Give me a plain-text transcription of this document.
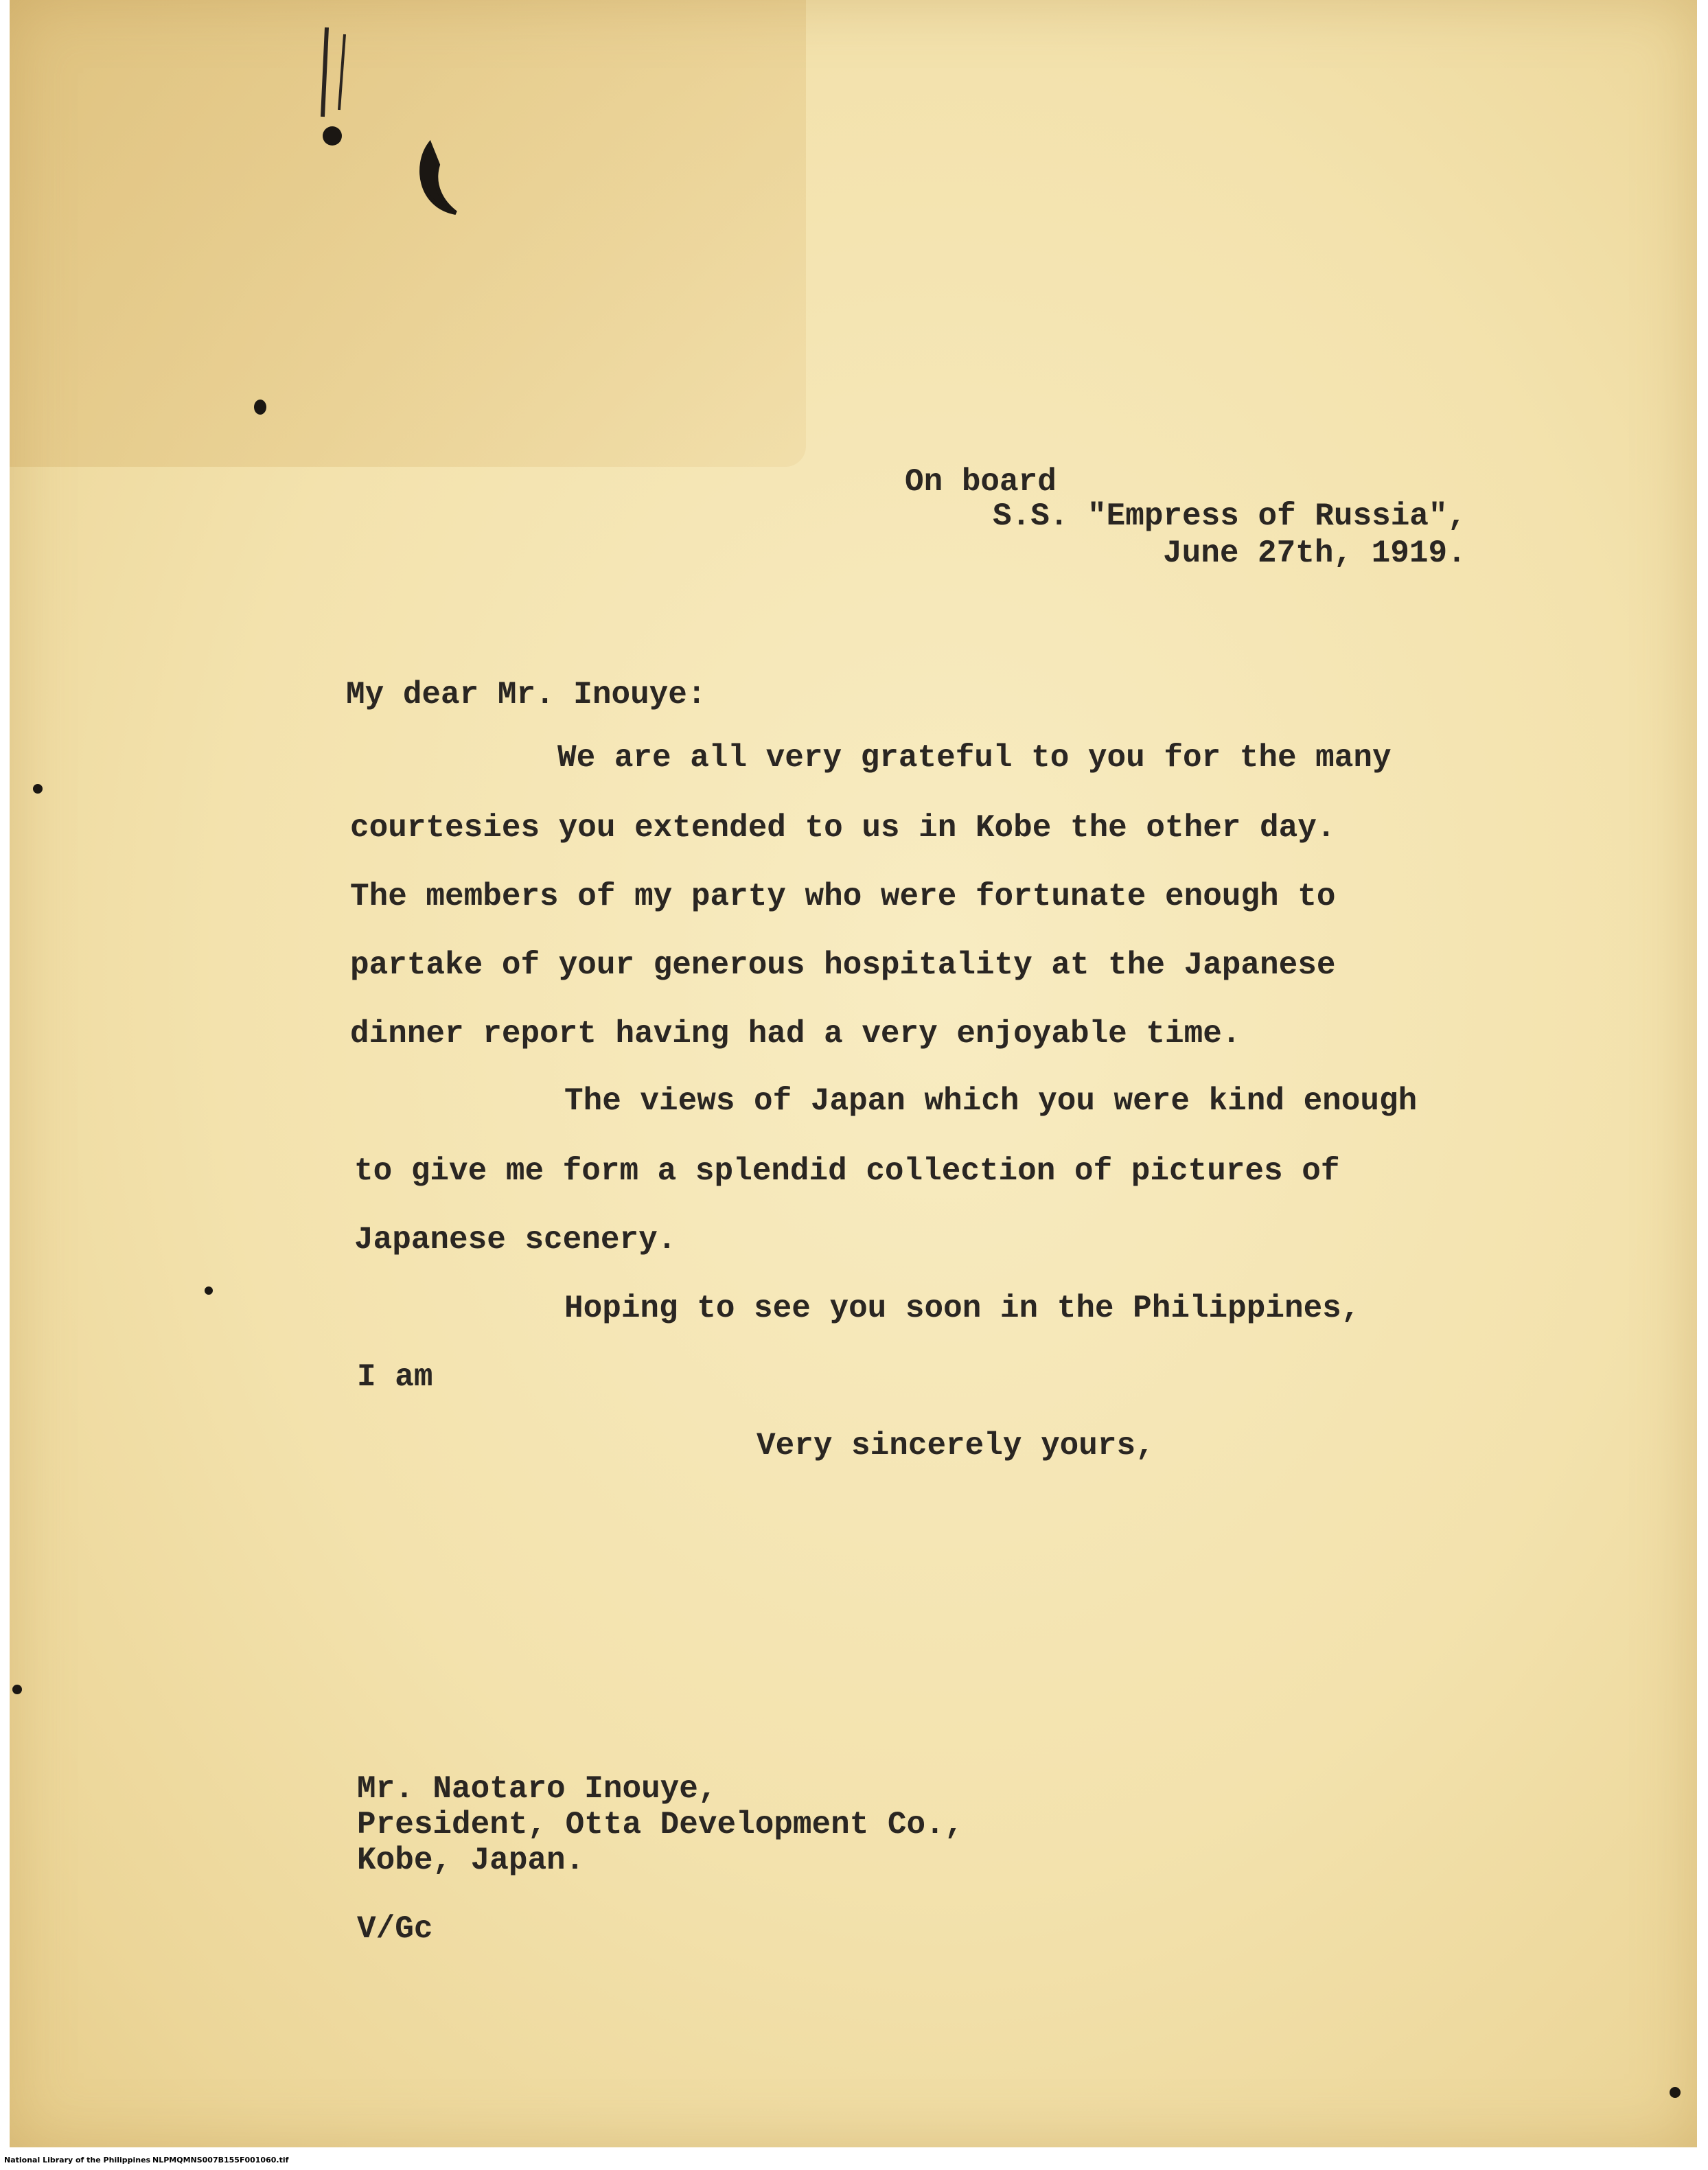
On board

S.S. "Empress of Russia",

June 27th, 1919.

My dear Mr. Inouye:

We are all very grateful to you for the many

courtesies you extended to us in Kobe the other day.

The members of my party who were fortunate enough to

partake of your generous hospitality at the Japanese

dinner report having had a very enjoyable time.

The views of Japan which you were kind enough

to give me form a splendid collection of pictures of

Japanese scenery.

Hoping to see you soon in the Philippines,

I am

Very sincerely yours,

Mr. Naotaro Inouye,

President, Otta Development Co.,

Kobe, Japan.

V/Gc

National Library of the Philippines NLPMQMNS007B155F001060.tif
